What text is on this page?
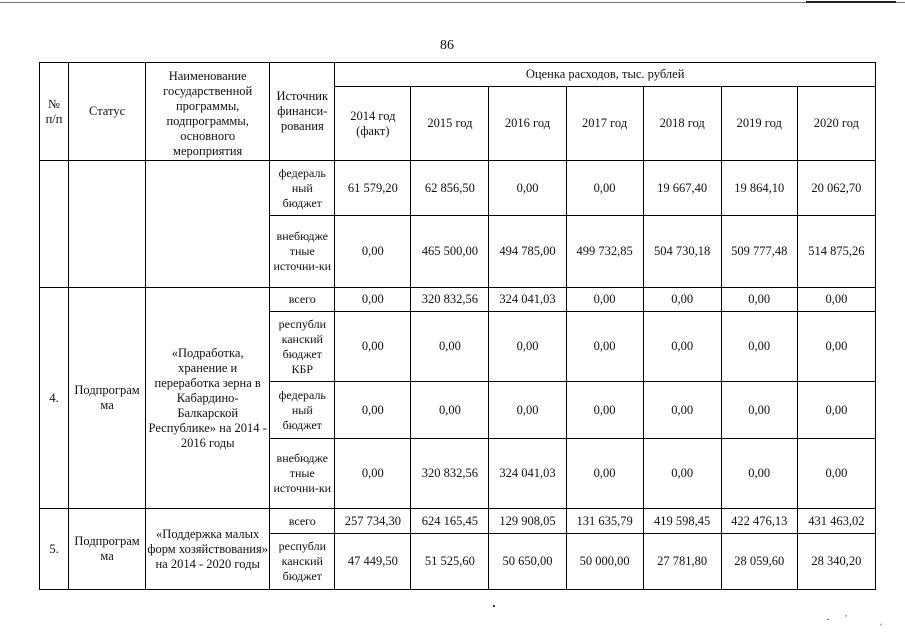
86
№
п/п	Статус	Наименование государственной программы, подпрограммы, основного мероприятия	Источник финанси-рования	Оценка расходов, тыс. рублей						
				2014 год (факт)	2015 год	2016 год	2017 год	2018 год	2019 год	2020 год
			федераль ный бюджет	61 579,20	62 856,50	0,00	0,00	19 667,40	19 864,10	20 062,70
			внебюдже тные источни-ки	0,00	465 500,00	494 785,00	499 732,85	504 730,18	509 777,48	514 875,26
4.	Подпрограм ма	«Подработка, хранение и переработка зерна в Кабардино-Балкарской Республике» на 2014 - 2016 годы	всего	0,00	320 832,56	324 041,03	0,00	0,00	0,00	0,00
			республи канский бюджет КБР	0,00	0,00	0,00	0,00	0,00	0,00	0,00
			федераль ный бюджет	0,00	0,00	0,00	0,00	0,00	0,00	0,00
			внебюдже тные источни-ки	0,00	320 832,56	324 041,03	0,00	0,00	0,00	0,00
5.	Подпрограм ма	«Поддержка малых форм хозяйствования» на 2014 - 2020 годы	всего	257 734,30	624 165,45	129 908,05	131 635,79	419 598,45	422 476,13	431 463,02
			республи канский бюджет	47 449,50	51 525,60	50 650,00	50 000,00	27 781,80	28 059,60	28 340,20
·˙ ˌ
